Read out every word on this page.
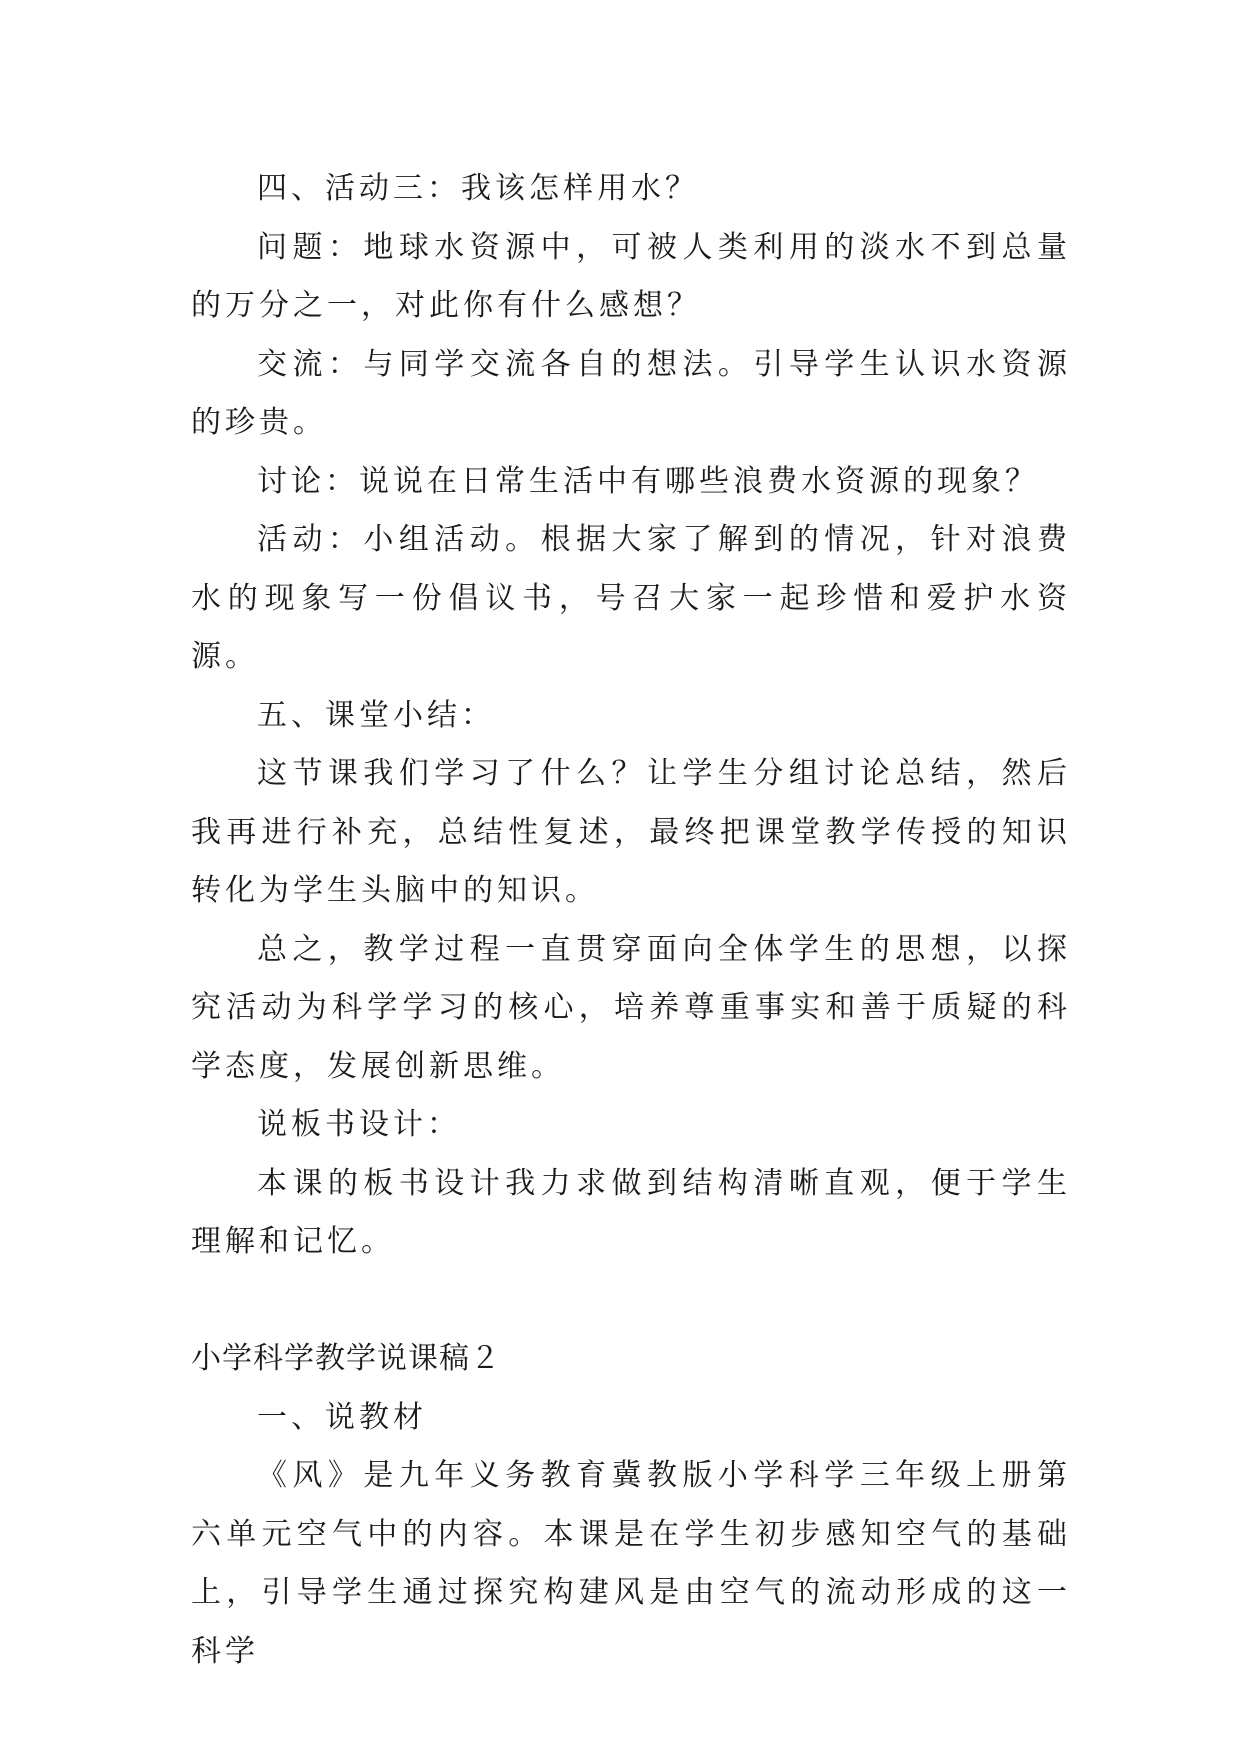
四、活动三：我该怎样用水？

问题：地球水资源中，可被人类利用的淡水不到总量的万分之一，对此你有什么感想？

交流：与同学交流各自的想法。引导学生认识水资源的珍贵。

讨论：说说在日常生活中有哪些浪费水资源的现象？

活动：小组活动。根据大家了解到的情况，针对浪费水的现象写一份倡议书，号召大家一起珍惜和爱护水资源。

五、课堂小结：

这节课我们学习了什么？让学生分组讨论总结，然后我再进行补充，总结性复述，最终把课堂教学传授的知识转化为学生头脑中的知识。

总之，教学过程一直贯穿面向全体学生的思想，以探究活动为科学学习的核心，培养尊重事实和善于质疑的科学态度，发展创新思维。

说板书设计：

本课的板书设计我力求做到结构清晰直观，便于学生理解和记忆。

小学科学教学说课稿２

一、说教材

《风》是九年义务教育冀教版小学科学三年级上册第六单元空气中的内容。本课是在学生初步感知空气的基础上，引导学生通过探究构建风是由空气的流动形成的这一科学
